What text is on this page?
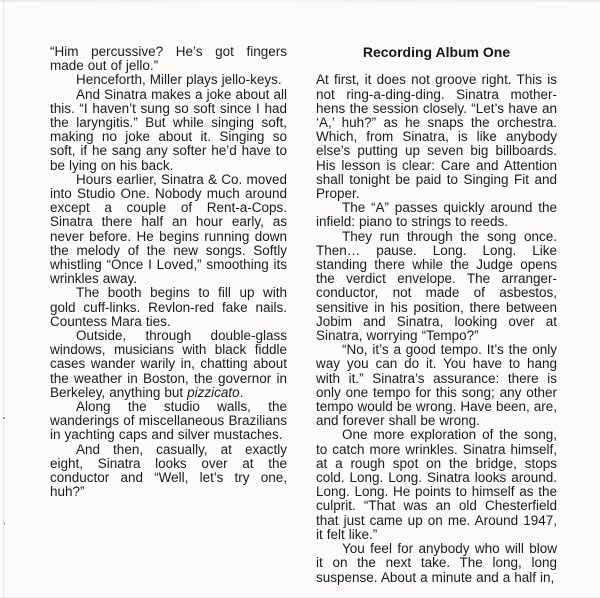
“Him percussive? He’s got fingers made out of jello.”

Henceforth, Miller plays jello-keys.

And Sinatra makes a joke about all this. “I haven’t sung so soft since I had the laryngitis.” But while singing soft, making no joke about it. Singing so soft, if he sang any softer he’d have to be lying on his back.

Hours earlier, Sinatra & Co. moved into Studio One. Nobody much around except a couple of Rent-a-Cops. Sinatra there half an hour early, as never before. He begins running down the melody of the new songs. Softly whistling “Once I Loved,” smoothing its wrinkles away.

The booth begins to fill up with gold cuff-links. Revlon-red fake nails. Countess Mara ties.

Outside, through double-glass windows, musicians with black fiddle cases wander warily in, chatting about the weather in Boston, the governor in Berkeley, anything but pizzicato.

Along the studio walls, the wanderings of miscellaneous Brazilians in yachting caps and silver mustaches.

And then, casually, at exactly eight, Sinatra looks over at the conductor and “Well, let’s try one, huh?”

Recording Album One

At first, it does not groove right. This is not ring-a-ding-ding. Sinatra mother-hens the session closely. “Let’s have an ‘A,’ huh?” as he snaps the orchestra. Which, from Sinatra, is like anybody else’s putting up seven big billboards. His lesson is clear: Care and Attention shall tonight be paid to Singing Fit and Proper.

The “A” passes quickly around the infield: piano to strings to reeds.

They run through the song once. Then… pause. Long. Long. Like standing there while the Judge opens the verdict envelope. The arranger-conductor, not made of asbestos, sensitive in his position, there between Jobim and Sinatra, looking over at Sinatra, worrying “Tempo?”

“No, it’s a good tempo. It’s the only way you can do it. You have to hang with it.” Sinatra’s assurance: there is only one tempo for this song; any other tempo would be wrong. Have been, are, and forever shall be wrong.

One more exploration of the song, to catch more wrinkles. Sinatra himself, at a rough spot on the bridge, stops cold. Long. Long. Sinatra looks around. Long. Long. He points to himself as the culprit. “That was an old Chesterfield that just came up on me. Around 1947, it felt like.”

You feel for anybody who will blow it on the next take. The long, long suspense. About a minute and a half in,
